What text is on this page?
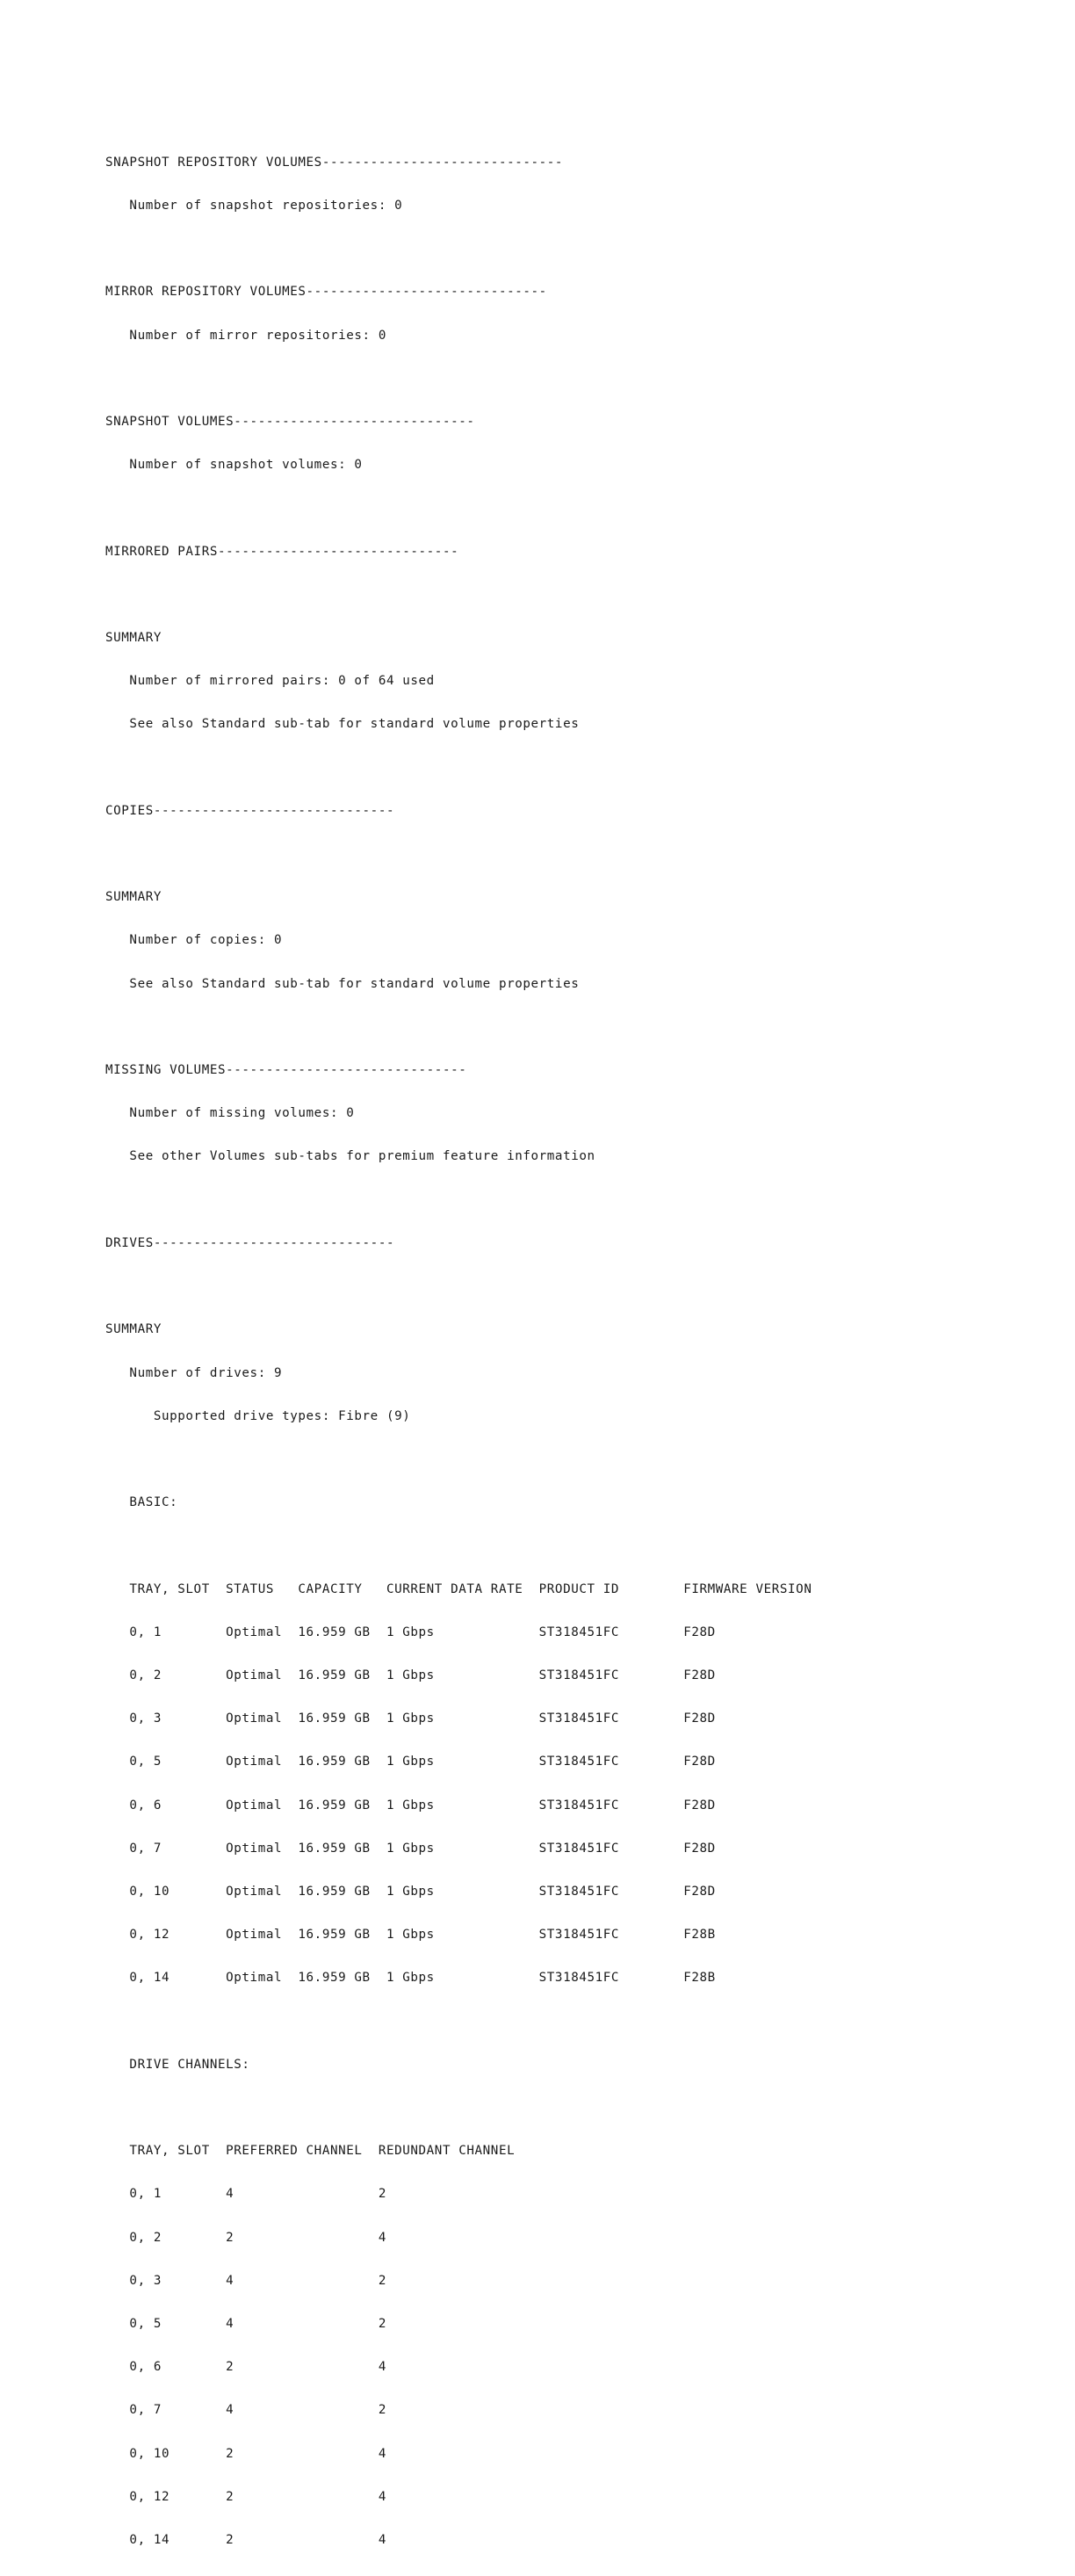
SNAPSHOT REPOSITORY VOLUMES------------------------------

Number of snapshot repositories: 0

MIRROR REPOSITORY VOLUMES------------------------------

Number of mirror repositories: 0

SNAPSHOT VOLUMES------------------------------

Number of snapshot volumes: 0

MIRRORED PAIRS------------------------------

SUMMARY

Number of mirrored pairs: 0 of 64 used

See also Standard sub-tab for standard volume properties

COPIES------------------------------

SUMMARY

Number of copies: 0

See also Standard sub-tab for standard volume properties

MISSING VOLUMES------------------------------

Number of missing volumes: 0

See other Volumes sub-tabs for premium feature information

DRIVES------------------------------

SUMMARY

Number of drives: 9

Supported drive types: Fibre (9)

BASIC:

TRAY, SLOT  STATUS   CAPACITY   CURRENT DATA RATE  PRODUCT ID        FIRMWARE VERSION

0, 1        Optimal  16.959 GB  1 Gbps             ST318451FC        F28D

0, 2        Optimal  16.959 GB  1 Gbps             ST318451FC        F28D

0, 3        Optimal  16.959 GB  1 Gbps             ST318451FC        F28D

0, 5        Optimal  16.959 GB  1 Gbps             ST318451FC        F28D

0, 6        Optimal  16.959 GB  1 Gbps             ST318451FC        F28D

0, 7        Optimal  16.959 GB  1 Gbps             ST318451FC        F28D

0, 10       Optimal  16.959 GB  1 Gbps             ST318451FC        F28D

0, 12       Optimal  16.959 GB  1 Gbps             ST318451FC        F28B

0, 14       Optimal  16.959 GB  1 Gbps             ST318451FC        F28B

DRIVE CHANNELS:

TRAY, SLOT  PREFERRED CHANNEL  REDUNDANT CHANNEL

0, 1        4                  2

0, 2        2                  4

0, 3        4                  2

0, 5        4                  2

0, 6        2                  4

0, 7        4                  2

0, 10       2                  4

0, 12       2                  4

0, 14       2                  4
